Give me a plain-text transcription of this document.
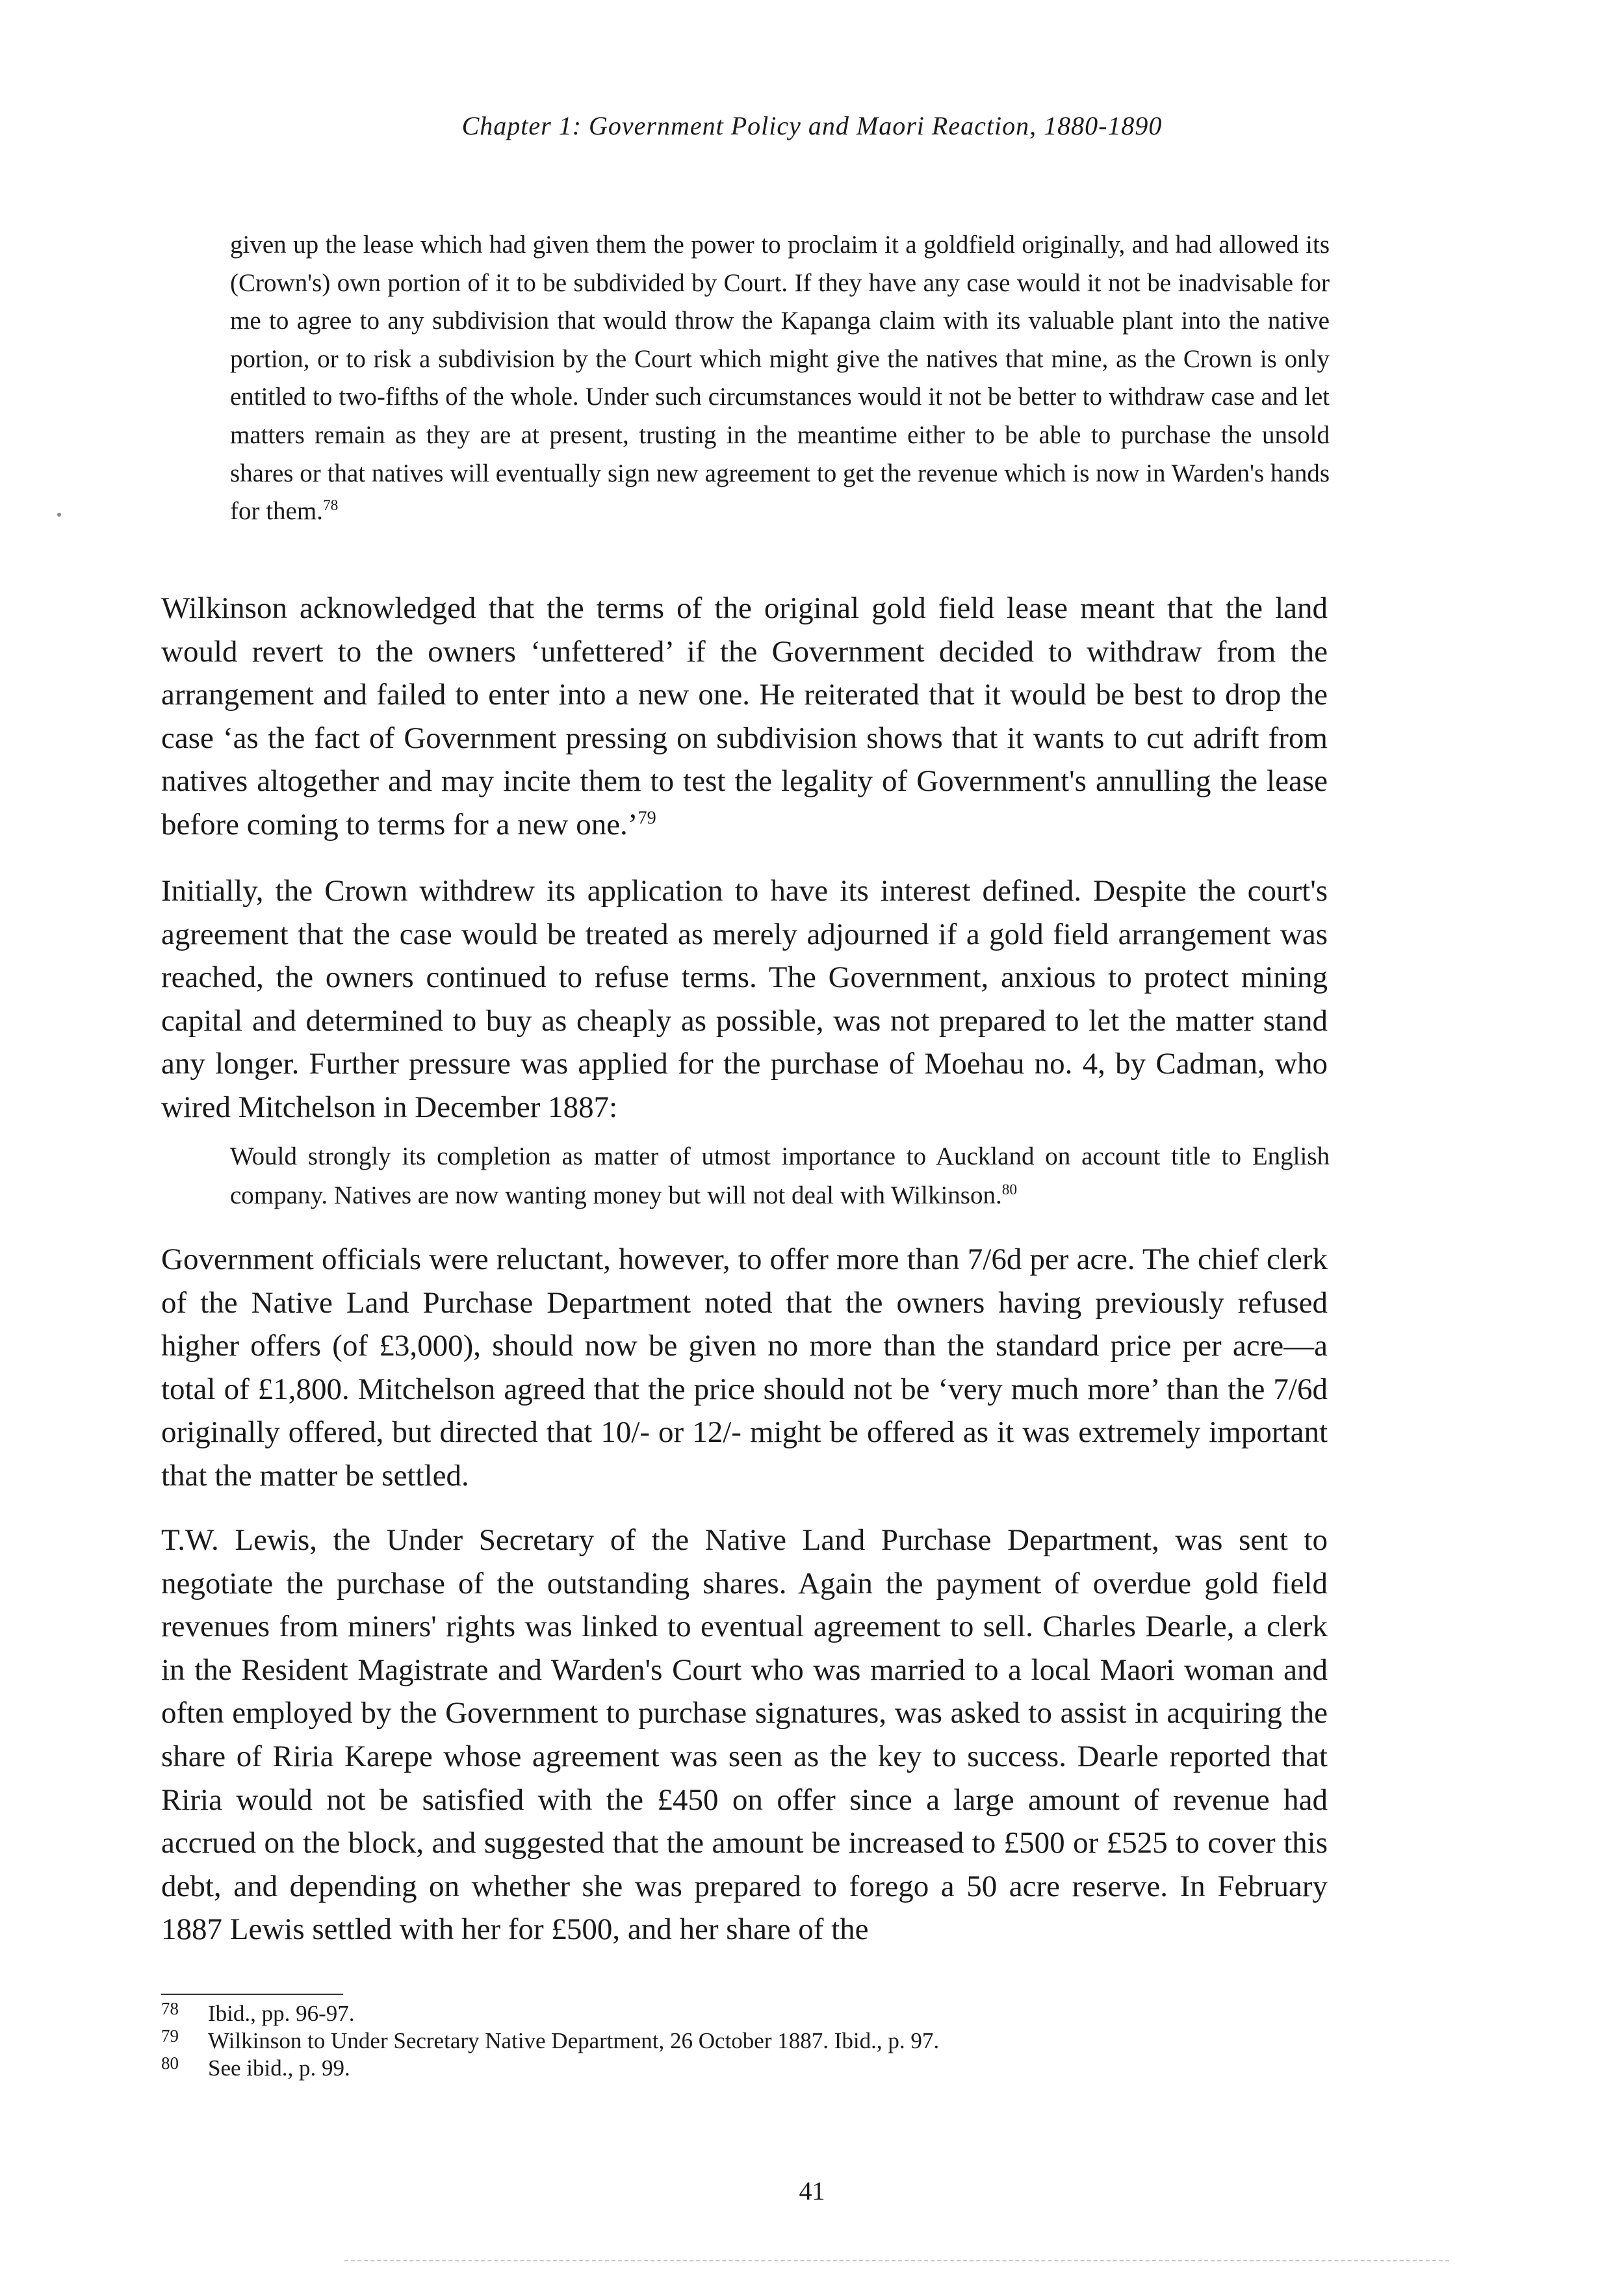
Chapter 1: Government Policy and Maori Reaction, 1880-1890
given up the lease which had given them the power to proclaim it a goldfield originally, and had allowed its (Crown's) own portion of it to be subdivided by Court. If they have any case would it not be inadvisable for me to agree to any subdivision that would throw the Kapanga claim with its valuable plant into the native portion, or to risk a subdivision by the Court which might give the natives that mine, as the Crown is only entitled to two-fifths of the whole. Under such circumstances would it not be better to withdraw case and let matters remain as they are at present, trusting in the meantime either to be able to purchase the unsold shares or that natives will eventually sign new agreement to get the revenue which is now in Warden's hands for them.$^{78}$
Wilkinson acknowledged that the terms of the original gold field lease meant that the land would revert to the owners ‘unfettered’ if the Government decided to withdraw from the arrangement and failed to enter into a new one. He reiterated that it would be best to drop the case ‘as the fact of Government pressing on subdivision shows that it wants to cut adrift from natives altogether and may incite them to test the legality of Government's annulling the lease before coming to terms for a new one.’$^{79}$
Initially, the Crown withdrew its application to have its interest defined. Despite the court's agreement that the case would be treated as merely adjourned if a gold field arrangement was reached, the owners continued to refuse terms. The Government, anxious to protect mining capital and determined to buy as cheaply as possible, was not prepared to let the matter stand any longer. Further pressure was applied for the purchase of Moehau no. 4, by Cadman, who wired Mitchelson in December 1887:
Would strongly its completion as matter of utmost importance to Auckland on account title to English company. Natives are now wanting money but will not deal with Wilkinson.$^{80}$
Government officials were reluctant, however, to offer more than 7/6d per acre. The chief clerk of the Native Land Purchase Department noted that the owners having previously refused higher offers (of £3,000), should now be given no more than the standard price per acre—a total of £1,800. Mitchelson agreed that the price should not be ‘very much more’ than the 7/6d originally offered, but directed that 10/- or 12/- might be offered as it was extremely important that the matter be settled.
T.W. Lewis, the Under Secretary of the Native Land Purchase Department, was sent to negotiate the purchase of the outstanding shares. Again the payment of overdue gold field revenues from miners' rights was linked to eventual agreement to sell. Charles Dearle, a clerk in the Resident Magistrate and Warden's Court who was married to a local Maori woman and often employed by the Government to purchase signatures, was asked to assist in acquiring the share of Riria Karepe whose agreement was seen as the key to success. Dearle reported that Riria would not be satisfied with the £450 on offer since a large amount of revenue had accrued on the block, and suggested that the amount be increased to £500 or £525 to cover this debt, and depending on whether she was prepared to forego a 50 acre reserve. In February 1887 Lewis settled with her for £500, and her share of the
78 Ibid., pp. 96-97.
79 Wilkinson to Under Secretary Native Department, 26 October 1887. Ibid., p. 97.
80 See ibid., p. 99.
41
